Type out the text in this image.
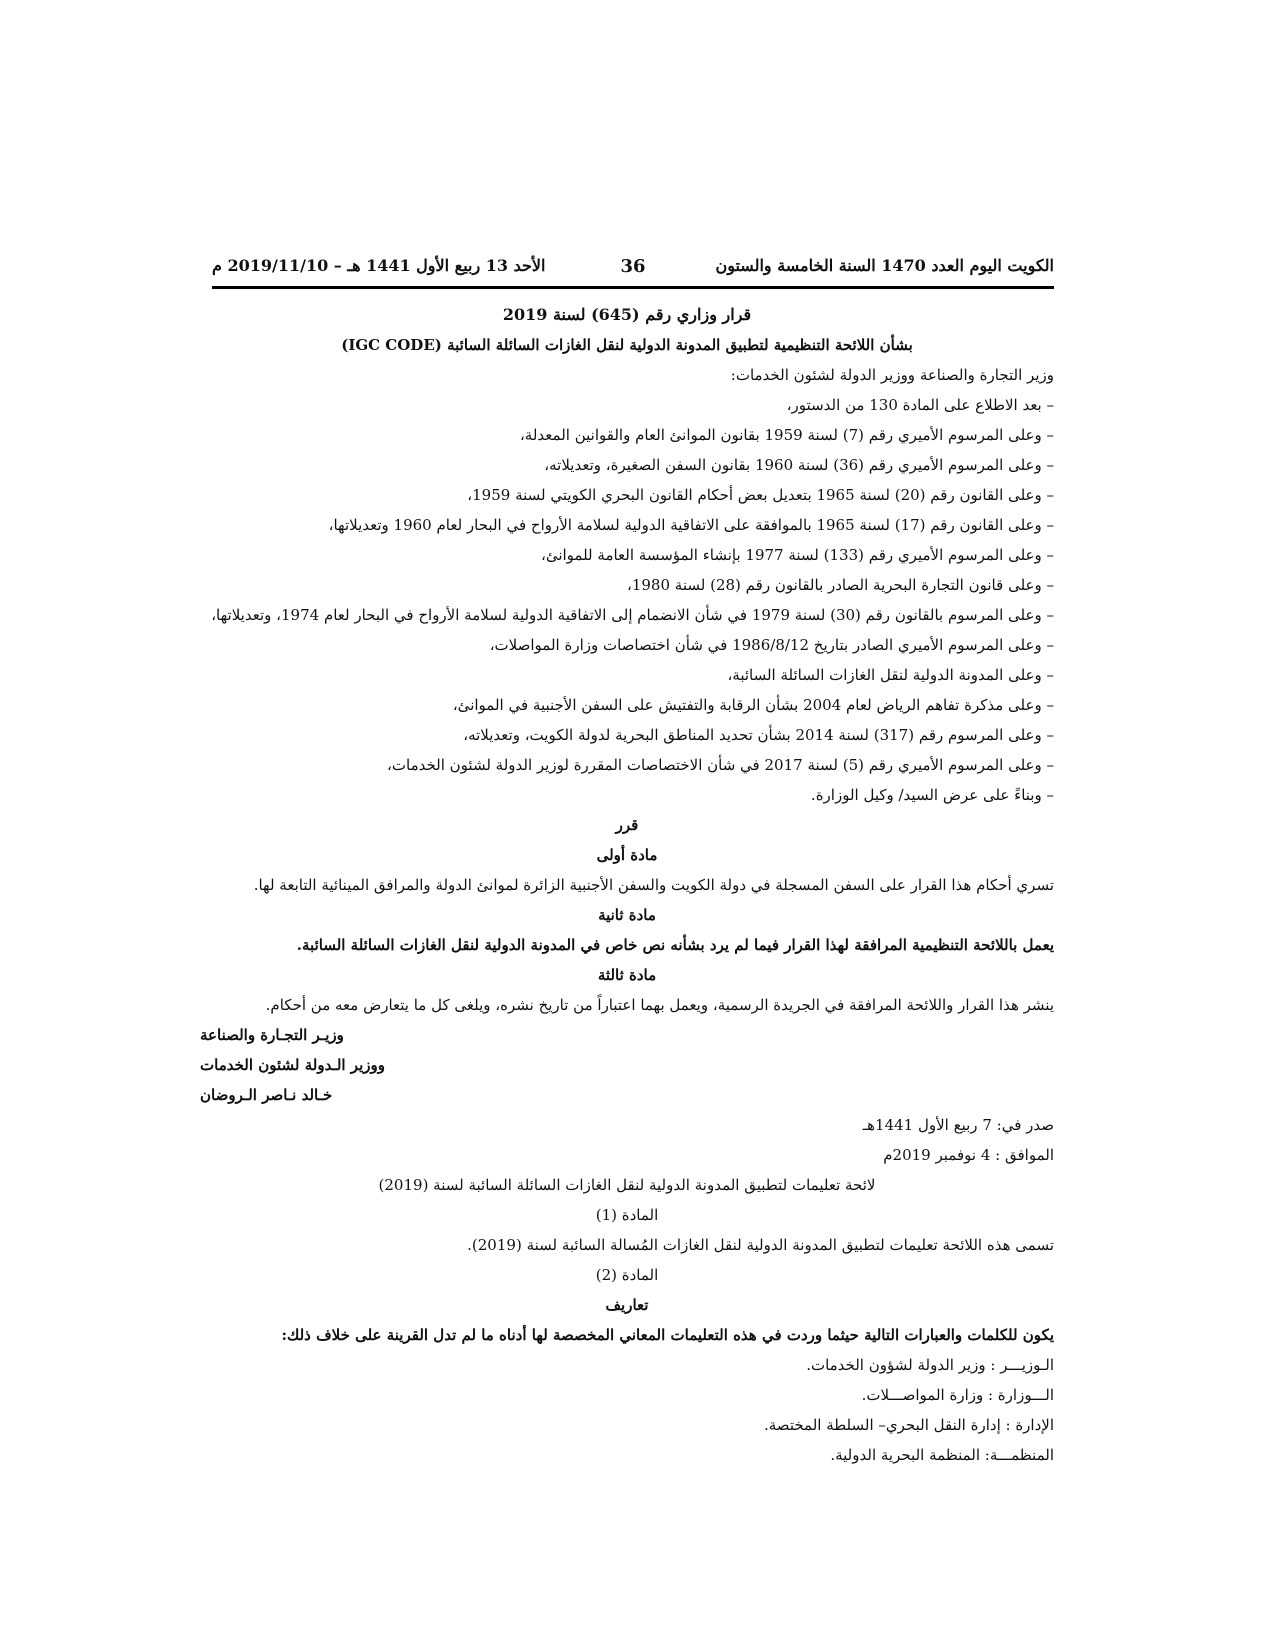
الكويت اليوم العدد 1470 السنة الخامسة والستون
36
الأحد 13 ربيع الأول 1441 هـ – 2019/11/10 م
قرار وزاري رقم (645) لسنة 2019
بشأن اللائحة التنظيمية لتطبيق المدونة الدولية لنقل الغازات السائلة السائبة (IGC CODE)
وزير التجارة والصناعة ووزير الدولة لشئون الخدمات:
– بعد الاطلاع على المادة 130 من الدستور،
– وعلى المرسوم الأميري رقم (7) لسنة 1959 بقانون الموانئ العام والقوانين المعدلة،
– وعلى المرسوم الأميري رقم (36) لسنة 1960 بقانون السفن الصغيرة، وتعديلاته،
– وعلى القانون رقم (20) لسنة 1965 بتعديل بعض أحكام القانون البحري الكويتي لسنة 1959،
– وعلى القانون رقم (17) لسنة 1965 بالموافقة على الاتفاقية الدولية لسلامة الأرواح في البحار لعام 1960 وتعديلاتها،
– وعلى المرسوم الأميري رقم (133) لسنة 1977 بإنشاء المؤسسة العامة للموانئ،
– وعلى قانون التجارة البحرية الصادر بالقانون رقم (28) لسنة 1980،
– وعلى المرسوم بالقانون رقم (30) لسنة 1979 في شأن الانضمام إلى الاتفاقية الدولية لسلامة الأرواح في البحار لعام 1974، وتعديلاتها،
– وعلى المرسوم الأميري الصادر بتاريخ 1986/8/12 في شأن اختصاصات وزارة المواصلات،
– وعلى المدونة الدولية لنقل الغازات السائلة السائبة،
– وعلى مذكرة تفاهم الرياض لعام 2004 بشأن الرقابة والتفتيش على السفن الأجنبية في الموانئ،
– وعلى المرسوم رقم (317) لسنة 2014 بشأن تحديد المناطق البحرية لدولة الكويت، وتعديلاته،
– وعلى المرسوم الأميري رقم (5) لسنة 2017 في شأن الاختصاصات المقررة لوزير الدولة لشئون الخدمات،
– وبناءً على عرض السيد/ وكيل الوزارة.
قرر
مادة أولى
تسري أحكام هذا القرار على السفن المسجلة في دولة الكويت والسفن الأجنبية الزائرة لموانئ الدولة والمرافق المينائية التابعة لها.
مادة ثانية
يعمل باللائحة التنظيمية المرافقة لهذا القرار فيما لم يرد بشأنه نص خاص في المدونة الدولية لنقل الغازات السائلة السائبة.
مادة ثالثة
ينشر هذا القرار واللائحة المرافقة في الجريدة الرسمية، ويعمل بهما اعتباراً من تاريخ نشره، ويلغى كل ما يتعارض معه من أحكام.
وزيـر التجـارة والصناعة
ووزير الـدولة لشئون الخدمات
خـالد نـاصر الـروضان
صدر في: 7 ربيع الأول 1441هـ
الموافق : 4 نوفمبر 2019م
لائحة تعليمات لتطبيق المدونة الدولية لنقل الغازات السائلة السائبة لسنة (2019)
المادة (1)
تسمى هذه اللائحة تعليمات لتطبيق المدونة الدولية لنقل الغازات المُسالة السائبة لسنة (2019).
المادة (2)
تعاريف
يكون للكلمات والعبارات التالية حيثما وردت في هذه التعليمات المعاني المخصصة لها أدناه ما لم تدل القرينة على خلاف ذلك:
الـوزيـــر : وزير الدولة لشؤون الخدمات.
الـــوزارة : وزارة المواصـــلات.
الإدارة : إدارة النقل البحري– السلطة المختصة.
المنظمـــة: المنظمة البحرية الدولية.
